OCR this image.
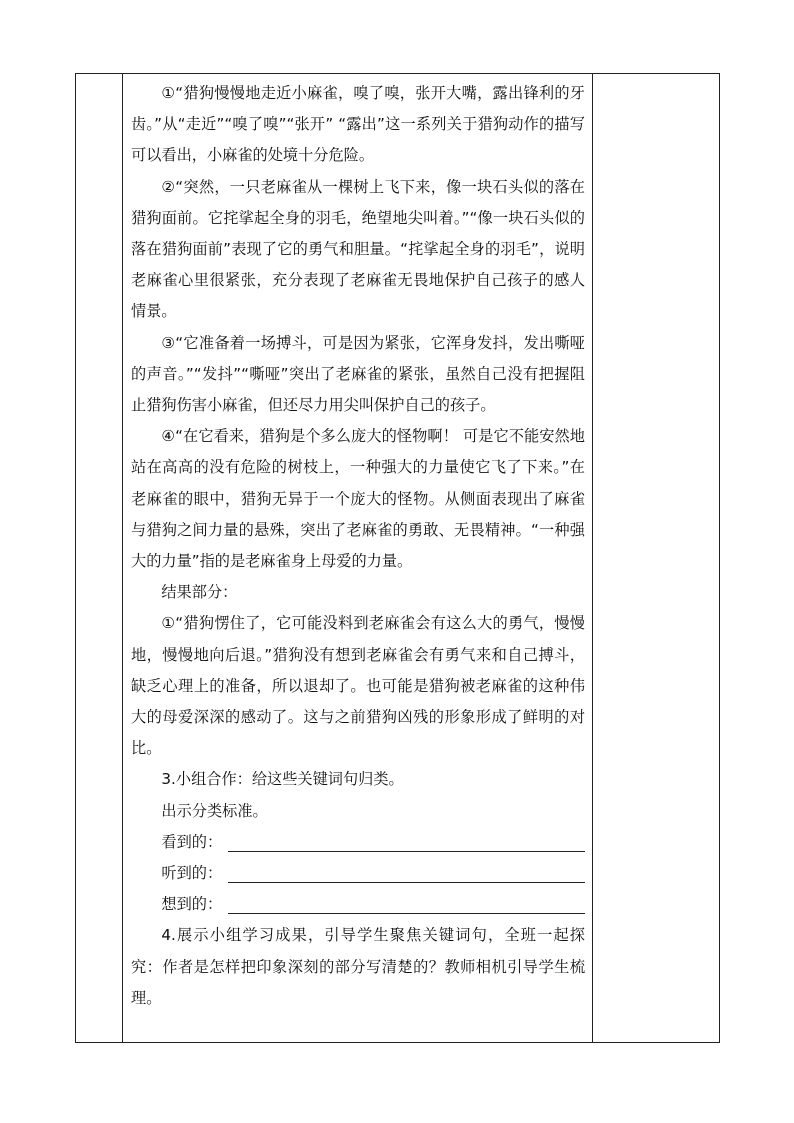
①“猎狗慢慢地走近小麻雀，嗅了嗅，张开大嘴，露出锋利的牙齿。”从“走近”“嗅了嗅”“张开” “露出”这一系列关于猎狗动作的描写可以看出，小麻雀的处境十分危险。

②“突然，一只老麻雀从一棵树上飞下来，像一块石头似的落在猎狗面前。它挓挲起全身的羽毛，绝望地尖叫着。”“像一块石头似的落在猎狗面前”表现了它的勇气和胆量。“挓挲起全身的羽毛”，说明老麻雀心里很紧张，充分表现了老麻雀无畏地保护自己孩子的感人情景。

③“它准备着一场搏斗，可是因为紧张，它浑身发抖，发出嘶哑的声音。”“发抖”“嘶哑”突出了老麻雀的紧张，虽然自己没有把握阻止猎狗伤害小麻雀，但还尽力用尖叫保护自己的孩子。

④“在它看来，猎狗是个多么庞大的怪物啊！ 可是它不能安然地站在高高的没有危险的树枝上，一种强大的力量使它飞了下来。”在老麻雀的眼中，猎狗无异于一个庞大的怪物。从侧面表现出了麻雀与猎狗之间力量的悬殊，突出了老麻雀的勇敢、无畏精神。“一种强大的力量”指的是老麻雀身上母爱的力量。

结果部分：

①“猎狗愣住了，它可能没料到老麻雀会有这么大的勇气，慢慢地，慢慢地向后退。”猎狗没有想到老麻雀会有勇气来和自己搏斗，缺乏心理上的准备，所以退却了。也可能是猎狗被老麻雀的这种伟大的母爱深深的感动了。这与之前猎狗凶残的形象形成了鲜明的对比。

3.小组合作：给这些关键词句归类。

出示分类标准。

看到的：
听到的：
想到的：

4.展示小组学习成果，引导学生聚焦关键词句，全班一起探究：作者是怎样把印象深刻的部分写清楚的？教师相机引导学生梳理。
